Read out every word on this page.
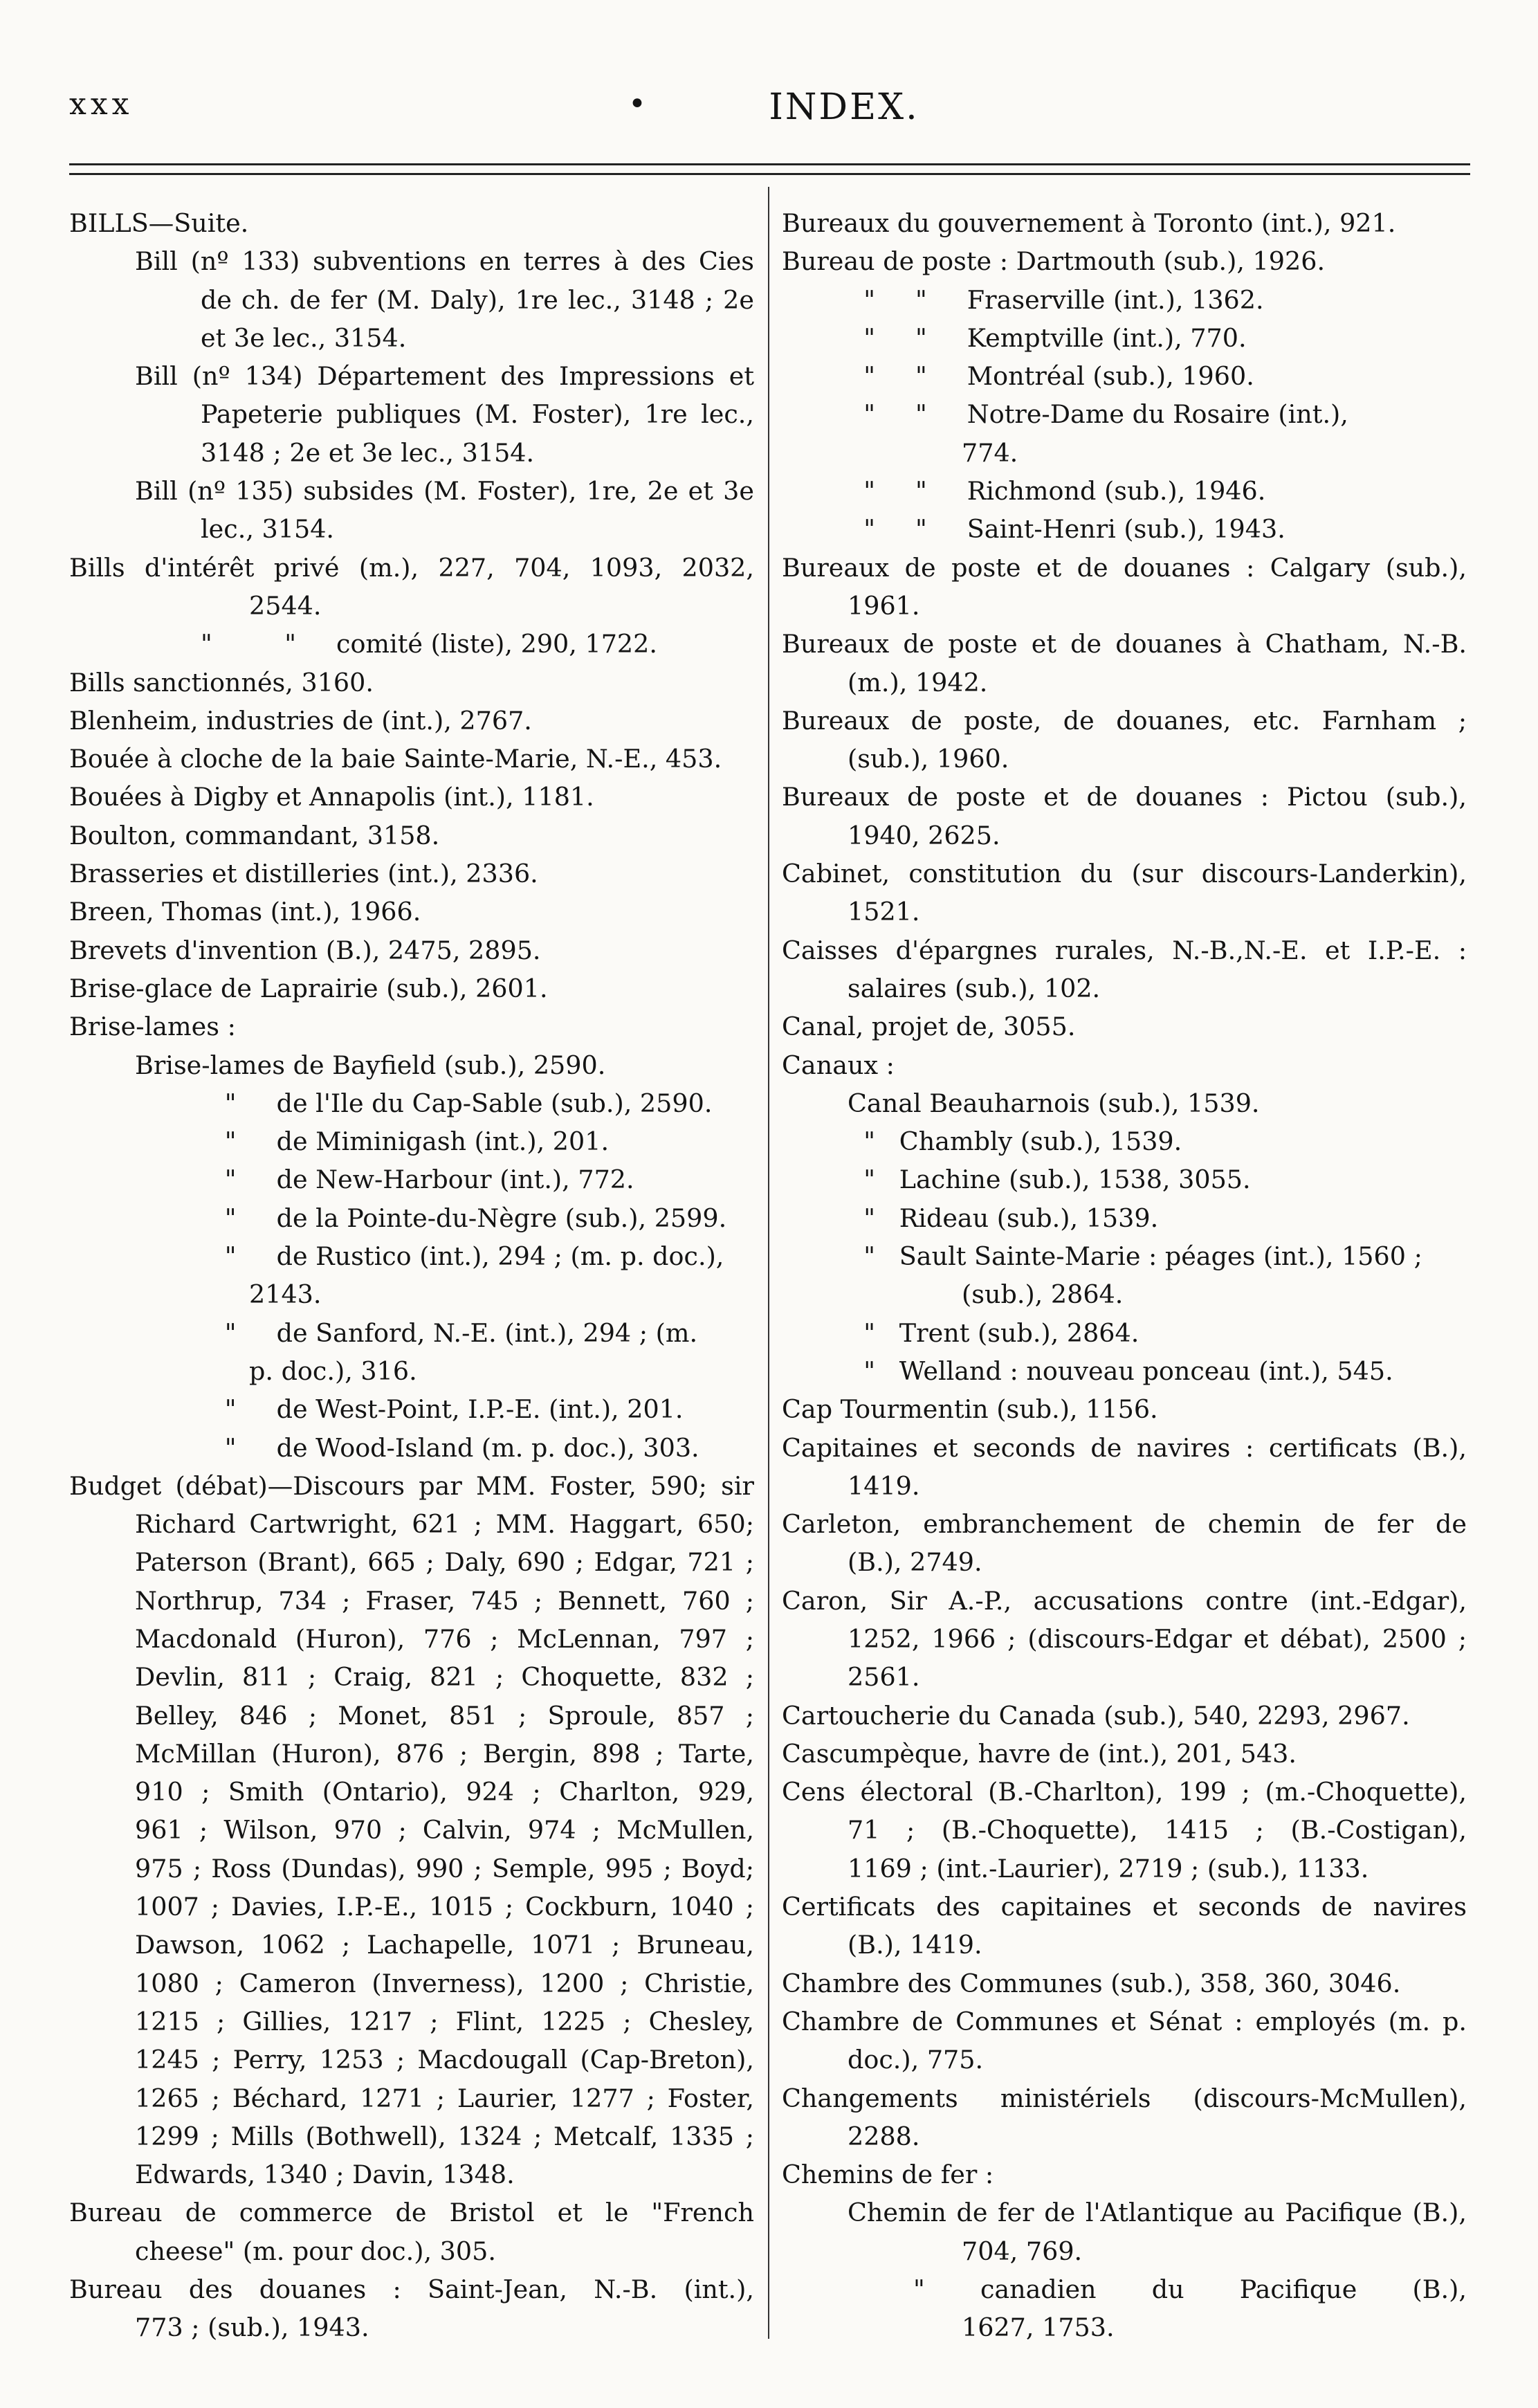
xxx	•	INDEX.
BILLS—Suite.
Bill (nº 133) subventions en terres à des Cies
de ch. de fer (M. Daly), 1re lec., 3148 ; 2e
et 3e lec., 3154.
Bill (nº 134) Département des Impressions et
Papeterie publiques (M. Foster), 1re lec.,
3148 ; 2e et 3e lec., 3154.
Bill (nº 135) subsides (M. Foster), 1re, 2e et 3e
lec., 3154.
Bills d'intérêt privé (m.), 227, 704, 1093, 2032,
2544.
"         "     comité (liste), 290, 1722.
Bills sanctionnés, 3160.
Blenheim, industries de (int.), 2767.
Bouée à cloche de la baie Sainte-Marie, N.-E., 453.
Bouées à Digby et Annapolis (int.), 1181.
Boulton, commandant, 3158.
Brasseries et distilleries (int.), 2336.
Breen, Thomas (int.), 1966.
Brevets d'invention (B.), 2475, 2895.
Brise-glace de Laprairie (sub.), 2601.
Brise-lames :
Brise-lames de Bayfield (sub.), 2590.
"     de l'Ile du Cap-Sable (sub.), 2590.
"     de Miminigash (int.), 201.
"     de New-Harbour (int.), 772.
"     de la Pointe-du-Nègre (sub.), 2599.
"     de Rustico (int.), 294 ; (m. p. doc.),
2143.
"     de Sanford, N.-E. (int.), 294 ; (m.
p. doc.), 316.
"     de West-Point, I.P.-E. (int.), 201.
"     de Wood-Island (m. p. doc.), 303.
Budget (débat)—Discours par MM. Foster, 590; sir
Richard Cartwright, 621 ; MM. Haggart, 650;
Paterson (Brant), 665 ; Daly, 690 ; Edgar, 721 ;
Northrup, 734 ; Fraser, 745 ; Bennett, 760 ;
Macdonald (Huron), 776 ; McLennan, 797 ;
Devlin, 811 ; Craig, 821 ; Choquette, 832 ;
Belley, 846 ; Monet, 851 ; Sproule, 857 ;
McMillan (Huron), 876 ; Bergin, 898 ; Tarte,
910 ; Smith (Ontario), 924 ; Charlton, 929,
961 ; Wilson, 970 ; Calvin, 974 ; McMullen,
975 ; Ross (Dundas), 990 ; Semple, 995 ; Boyd;
1007 ; Davies, I.P.-E., 1015 ; Cockburn, 1040 ;
Dawson, 1062 ; Lachapelle, 1071 ; Bruneau,
1080 ; Cameron (Inverness), 1200 ; Christie,
1215 ; Gillies, 1217 ; Flint, 1225 ; Chesley,
1245 ; Perry, 1253 ; Macdougall (Cap-Breton),
1265 ; Béchard, 1271 ; Laurier, 1277 ; Foster,
1299 ; Mills (Bothwell), 1324 ; Metcalf, 1335 ;
Edwards, 1340 ; Davin, 1348.
Bureau de commerce de Bristol et le "French
cheese" (m. pour doc.), 305.
Bureau des douanes : Saint-Jean, N.-B. (int.),
773 ; (sub.), 1943.
Bureaux du gouvernement à Toronto (int.), 921.
Bureau de poste : Dartmouth (sub.), 1926.
"     "     Fraserville (int.), 1362.
"     "     Kemptville (int.), 770.
"     "     Montréal (sub.), 1960.
"     "     Notre-Dame du Rosaire (int.),
774.
"     "     Richmond (sub.), 1946.
"     "     Saint-Henri (sub.), 1943.
Bureaux de poste et de douanes : Calgary (sub.),
1961.
Bureaux de poste et de douanes à Chatham, N.-B.
(m.), 1942.
Bureaux de poste, de douanes, etc. Farnham ;
(sub.), 1960.
Bureaux de poste et de douanes : Pictou (sub.),
1940, 2625.
Cabinet, constitution du (sur discours-Landerkin),
1521.
Caisses d'épargnes rurales, N.-B.,N.-E. et I.P.-E. :
salaires (sub.), 102.
Canal, projet de, 3055.
Canaux :
Canal Beauharnois (sub.), 1539.
"   Chambly (sub.), 1539.
"   Lachine (sub.), 1538, 3055.
"   Rideau (sub.), 1539.
"   Sault Sainte-Marie : péages (int.), 1560 ;
(sub.), 2864.
"   Trent (sub.), 2864.
"   Welland : nouveau ponceau (int.), 545.
Cap Tourmentin (sub.), 1156.
Capitaines et seconds de navires : certificats (B.),
1419.
Carleton, embranchement de chemin de fer de
(B.), 2749.
Caron, Sir A.-P., accusations contre (int.-Edgar),
1252, 1966 ; (discours-Edgar et débat), 2500 ;
2561.
Cartoucherie du Canada (sub.), 540, 2293, 2967.
Cascumpèque, havre de (int.), 201, 543.
Cens électoral (B.-Charlton), 199 ; (m.-Choquette),
71 ; (B.-Choquette), 1415 ; (B.-Costigan),
1169 ; (int.-Laurier), 2719 ; (sub.), 1133.
Certificats des capitaines et seconds de navires
(B.), 1419.
Chambre des Communes (sub.), 358, 360, 3046.
Chambre de Communes et Sénat : employés (m. p.
doc.), 775.
Changements ministériels (discours-McMullen),
2288.
Chemins de fer :
Chemin de fer de l'Atlantique au Pacifique (B.),
704, 769.
" canadien du Pacifique (B.),
1627, 1753.
